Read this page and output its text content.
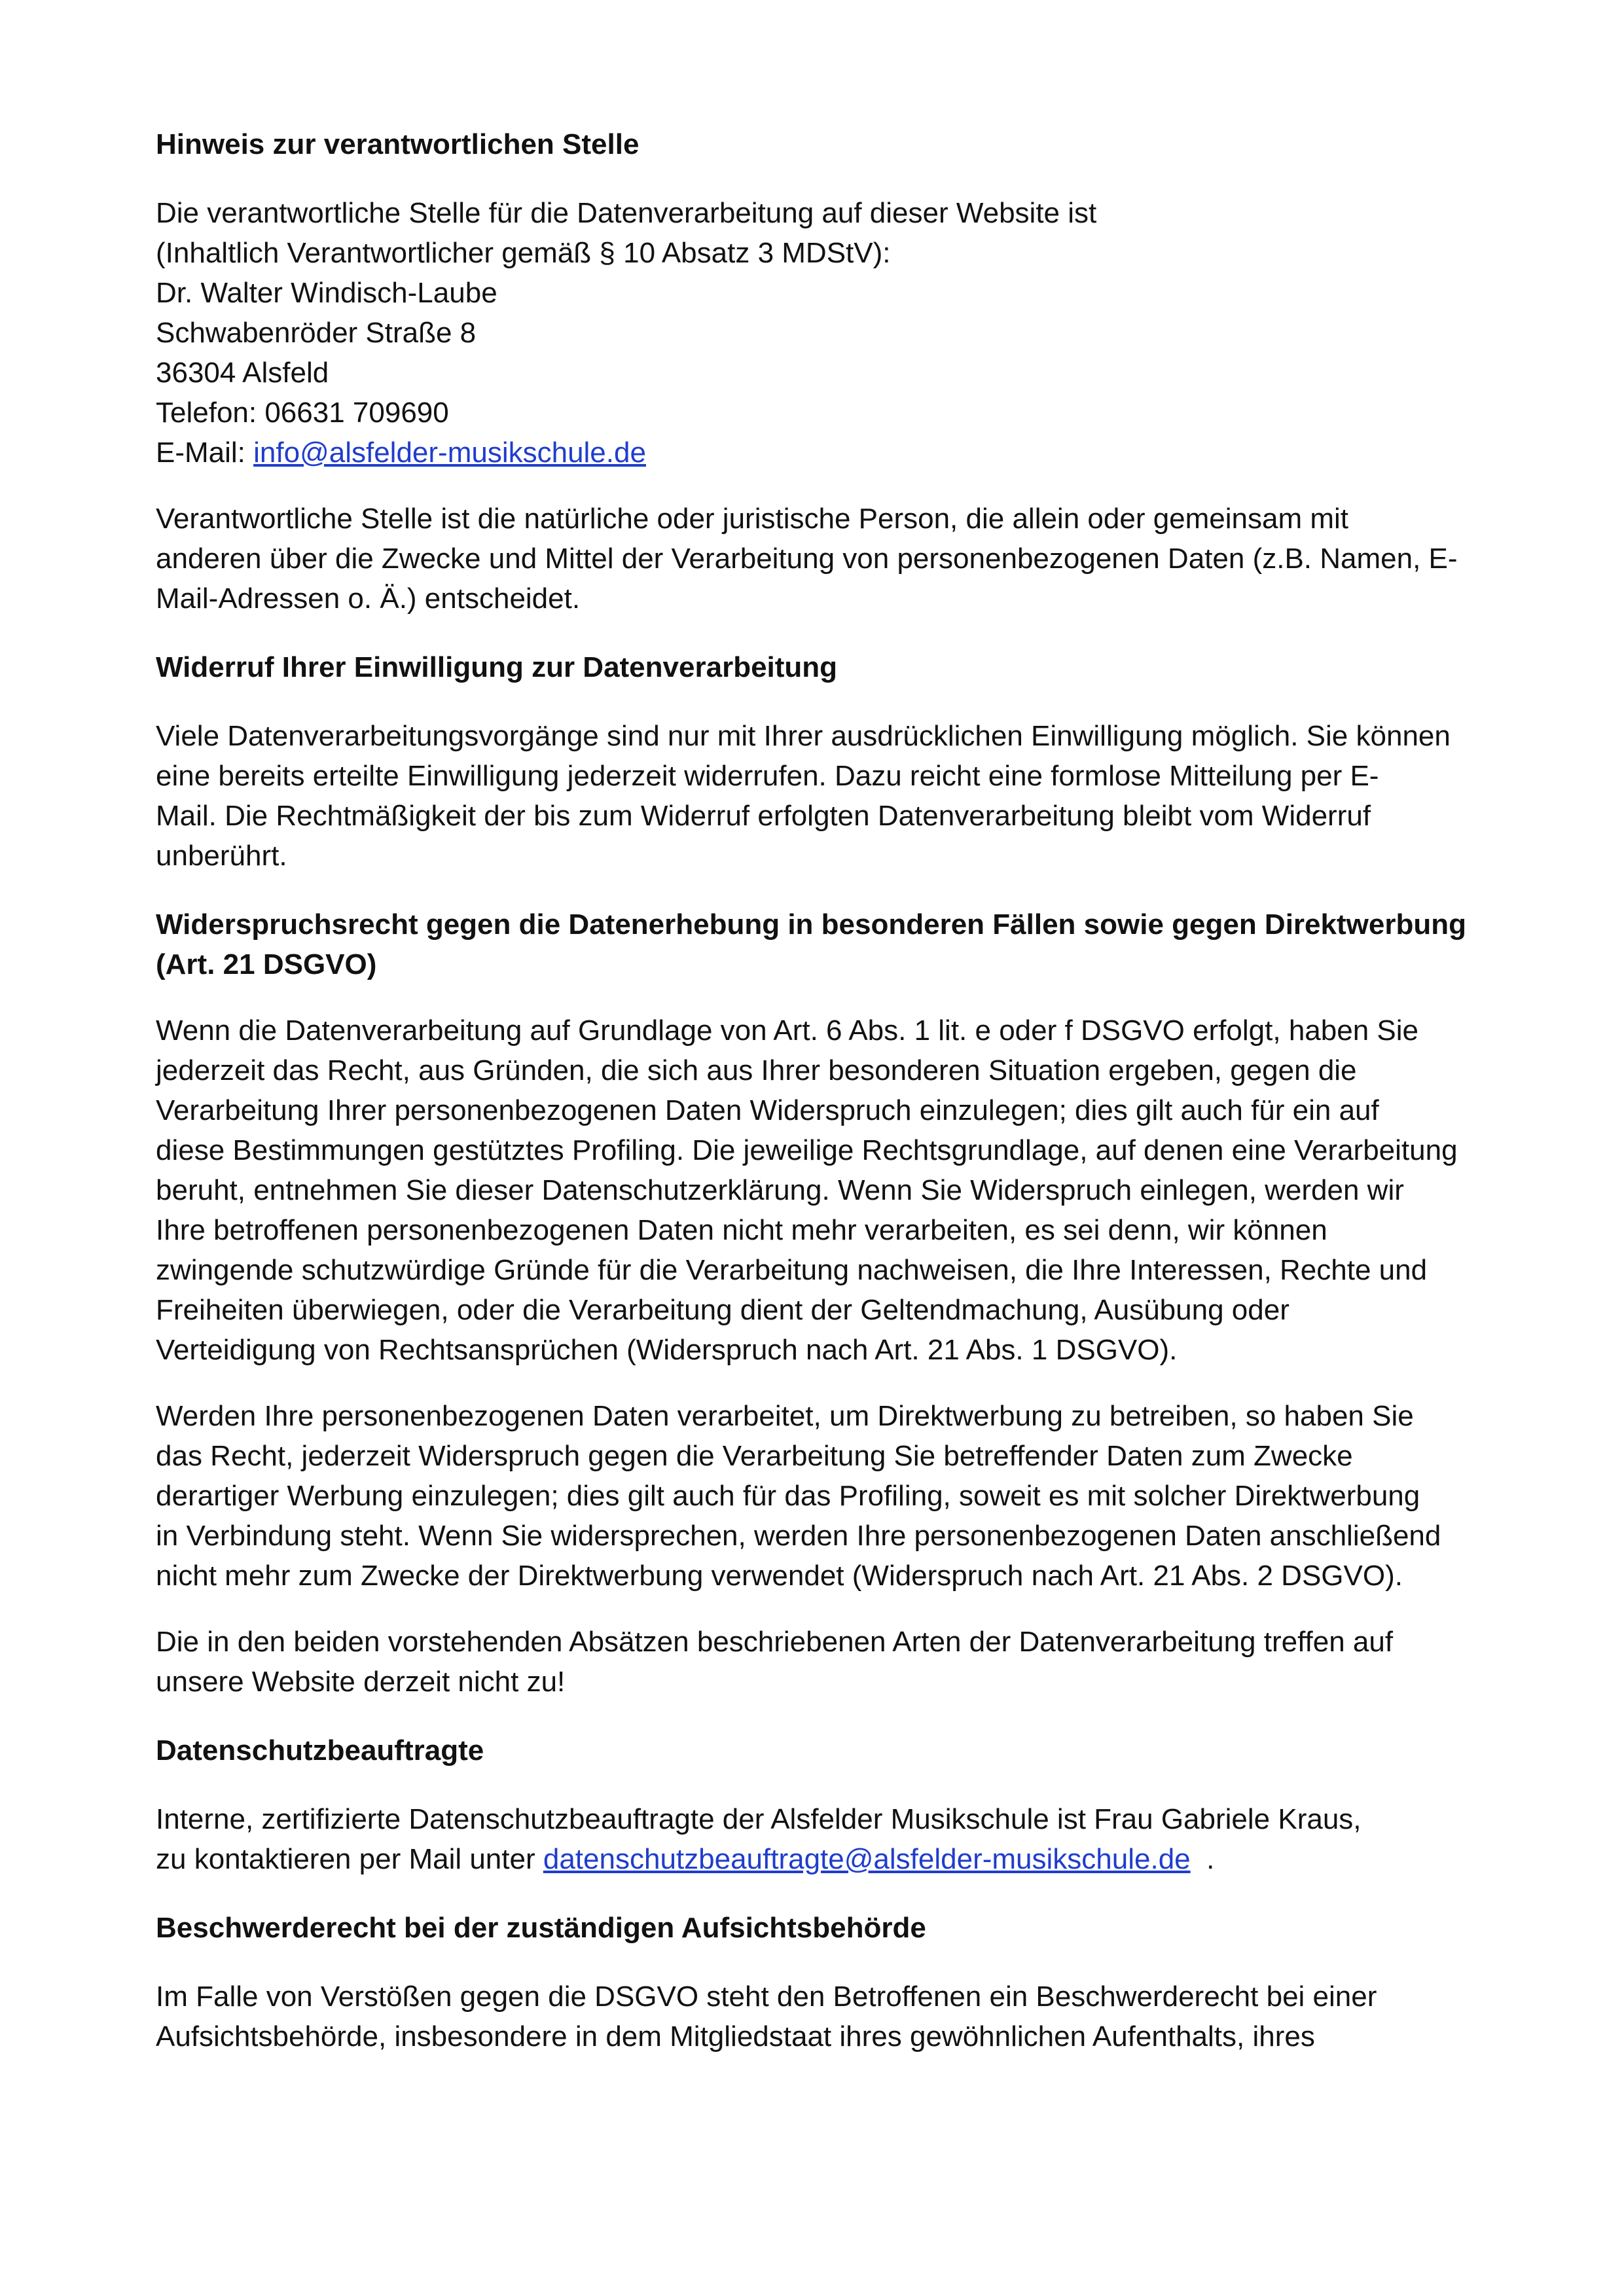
Hinweis zur verantwortlichen Stelle

Die verantwortliche Stelle für die Datenverarbeitung auf dieser Website ist
(Inhaltlich Verantwortlicher gemäß § 10 Absatz 3 MDStV):
Dr. Walter Windisch-Laube
Schwabenröder Straße 8
36304 Alsfeld
Telefon: 06631 709690
E-Mail: info@alsfelder-musikschule.de

Verantwortliche Stelle ist die natürliche oder juristische Person, die allein oder gemeinsam mit
anderen über die Zwecke und Mittel der Verarbeitung von personenbezogenen Daten (z.B. Namen, E-
Mail-Adressen o. Ä.) entscheidet.

Widerruf Ihrer Einwilligung zur Datenverarbeitung

Viele Datenverarbeitungsvorgänge sind nur mit Ihrer ausdrücklichen Einwilligung möglich. Sie können
eine bereits erteilte Einwilligung jederzeit widerrufen. Dazu reicht eine formlose Mitteilung per E-
Mail. Die Rechtmäßigkeit der bis zum Widerruf erfolgten Datenverarbeitung bleibt vom Widerruf
unberührt.

Widerspruchsrecht gegen die Datenerhebung in besonderen Fällen sowie gegen Direktwerbung
(Art. 21 DSGVO)

Wenn die Datenverarbeitung auf Grundlage von Art. 6 Abs. 1 lit. e oder f DSGVO erfolgt, haben Sie
jederzeit das Recht, aus Gründen, die sich aus Ihrer besonderen Situation ergeben, gegen die
Verarbeitung Ihrer personenbezogenen Daten Widerspruch einzulegen; dies gilt auch für ein auf
diese Bestimmungen gestütztes Profiling. Die jeweilige Rechtsgrundlage, auf denen eine Verarbeitung
beruht, entnehmen Sie dieser Datenschutzerklärung. Wenn Sie Widerspruch einlegen, werden wir
Ihre betroffenen personenbezogenen Daten nicht mehr verarbeiten, es sei denn, wir können
zwingende schutzwürdige Gründe für die Verarbeitung nachweisen, die Ihre Interessen, Rechte und
Freiheiten überwiegen, oder die Verarbeitung dient der Geltendmachung, Ausübung oder
Verteidigung von Rechtsansprüchen (Widerspruch nach Art. 21 Abs. 1 DSGVO).

Werden Ihre personenbezogenen Daten verarbeitet, um Direktwerbung zu betreiben, so haben Sie
das Recht, jederzeit Widerspruch gegen die Verarbeitung Sie betreffender Daten zum Zwecke
derartiger Werbung einzulegen; dies gilt auch für das Profiling, soweit es mit solcher Direktwerbung
in Verbindung steht. Wenn Sie widersprechen, werden Ihre personenbezogenen Daten anschließend
nicht mehr zum Zwecke der Direktwerbung verwendet (Widerspruch nach Art. 21 Abs. 2 DSGVO).

Die in den beiden vorstehenden Absätzen beschriebenen Arten der Datenverarbeitung treffen auf
unsere Website derzeit nicht zu!

Datenschutzbeauftragte

Interne, zertifizierte Datenschutzbeauftragte der Alsfelder Musikschule ist Frau Gabriele Kraus,
zu kontaktieren per Mail unter datenschutzbeauftragte@alsfelder-musikschule.de  .

Beschwerderecht bei der zuständigen Aufsichtsbehörde

Im Falle von Verstößen gegen die DSGVO steht den Betroffenen ein Beschwerderecht bei einer
Aufsichtsbehörde, insbesondere in dem Mitgliedstaat ihres gewöhnlichen Aufenthalts, ihres
